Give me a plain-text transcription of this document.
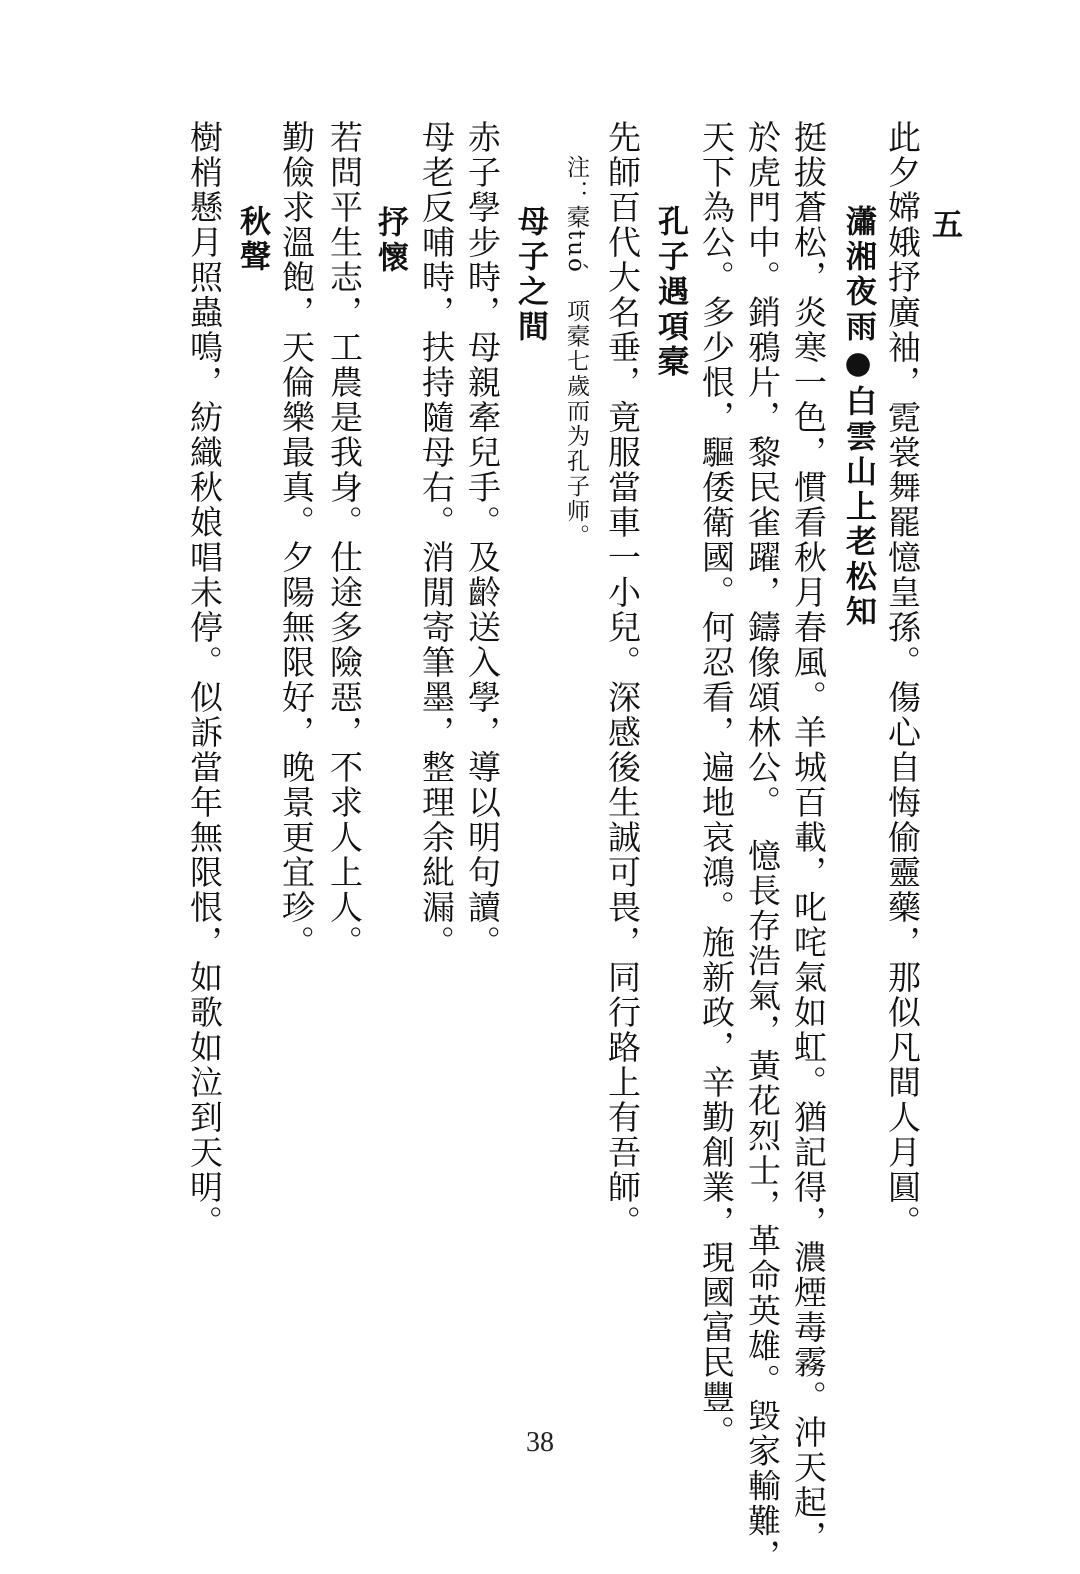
五
此夕嫦娥抒廣袖，霓裳舞罷憶皇孫。傷心自悔偷靈藥，那似凡間人月圓。
瀟湘夜雨●白雲山上老松知
挺拔蒼松，炎寒一色，慣看秋月春風。羊城百載，叱咤氣如虹。猶記得，濃煙毒霧。沖天起，
於虎門中。銷鴉片，黎民雀躍，鑄像頌林公。　憶長存浩氣，黃花烈士，革命英雄。毀家輸難，
天下為公。多少恨，驅倭衛國。何忍看，遍地哀鴻。施新政，辛勤創業，現國富民豐。
孔子遇項槖
先師百代大名垂，竟服當車一小兒。深感後生誠可畏，同行路上有吾師。
注：槖tuó　项槖七歲而为孔子师。
母子之間
赤子學步時，母親牽兒手。及齡送入學，導以明句讀。
母老反哺時，扶持隨母右。消閒寄筆墨，整理余紕漏。
抒懷
若問平生志，工農是我身。仕途多險惡，不求人上人。
勤儉求溫飽，天倫樂最真。夕陽無限好，晚景更宜珍。
秋聲
樹梢懸月照蟲鳴，紡織秋娘唱未停。似訴當年無限恨，如歌如泣到天明。
38
